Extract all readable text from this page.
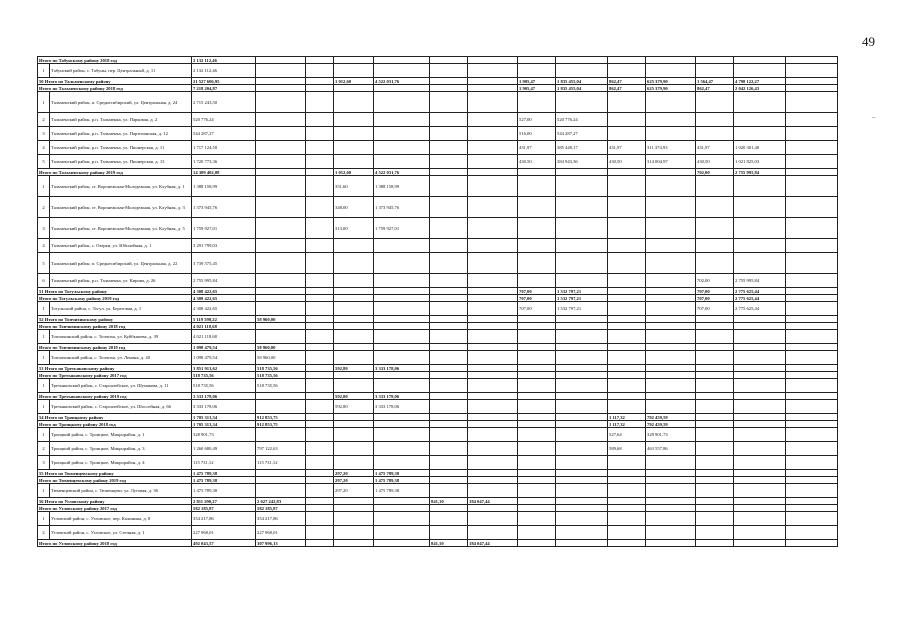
49
–
Итого по Табунскому району 2018 год		2 132 112,46														
1	Табунский район, с. Табуны, пер. Центральный, д. 11	2 132 112,46														
50 Итого по Тальменскому району		21 527 606,95			1 012,60	4 522 031,76			1 905,47	1 835 455,04	862,47	625 379,90	1 564,47	4 798 122,27		
Итого по Тальменскому району 2018 год		7 218 204,87							1 905,47	1 835 455,04	862,47	625 379,90	862,47	2 042 126,43		
1	Тальменский район, п. Среднесибирский, ул. Центральная, д. 24	2 715 243,50														
2	Тальменский район, р.п. Тальменка, ул. Парковая, д. 2	520 776,24							527,00	520 776,24						
3	Тальменский район, р.п. Тальменка, ул. Партизанская, д. 12	544 287,27							516,00	544 287,27						
4	Тальменский район, р.п. Тальменка, ул. Пионерская, д. 11	1 717 124,50							431,97	385 448,17	431,97	311 374,93	431,97	1 020 301,40		
5	Тальменский район, р.п. Тальменка, ул. Пионерская, д. 13	1 720 773,36							430,50	384 943,36	430,50	314 004,97	430,50	1 021 825,03		
Итого по Тальменскому району 2019 год		14 309 402,08			1 012,60	4 522 031,76							702,00	2 755 995,84		
1	Тальменский район, ст. Воронежская-Молодежная, ул. Клубная, д. 1	1 388 158,99			351,60	1 388 158,99										
2	Тальменский район, ст. Воронежская-Молодежная, ул. Клубная, д. 3	1 373 945,76			348,00	1 373 945,76										
3	Тальменский район, ст. Воронежская-Молодежная, ул. Клубная, д. 5	1 759 927,01			313,00	1 759 927,01										
4	Тальменский район, с. Озерки, ул. Юбилейная, д. 1	3 291 799,03														
5	Тальменский район, п. Среднесибирский, ул. Центральная, д. 22	3 739 575,45														
6	Тальменский район, р.п. Тальменка, ул. Кирова, д. 26	2 755 995,84											702,00	2 755 995,84		
51 Итого по Тогульскому району		4 308 422,65							707,00	1 532 797,21			707,00	2 775 625,44		
Итого по Тогульскому району 2019 год		4 308 422,65							707,00	1 532 797,21			707,00	2 775 625,44		
1	Тогульский район, с. Тогул, ул. Береговая, д. 1	4 308 422,65							707,00	1 532 797,21			707,00	2 775 625,44		
52 Итого по Топчихинскому району		5 119 598,22	58 960,00													
Итого по Топчихинскому району 2018 год		4 021 118,68														
1	Топчихинский район, с. Топчиха, ул. Куйбышева, д. 39	4 021 118,68														
Итого по Топчихинскому району 2019 год		1 098 479,54	58 960,00													
1	Топчихинский район, с. Топчиха, ул. Ленина, д. 40	1 098 479,54	58 960,00													
53 Итого по Третьяковскому району		3 851 913,62	518 735,56		592,80	3 333 178,06										
Итого по Третьяковскому району 2017 год		518 735,56	518 735,56													
1	Третьяковский район, с. Староалейское, ул. Шумакова, д. 11	518 735,56	518 735,56													
Итого по Третьяковскому району 2019 год		3 333 178,06			592,80	3 333 178,06										
1	Третьяковский район, с. Староалейское, ул. Шоссейная, д. 66	3 333 178,06			592,80	3 333 178,06										
54 Итого по Троицкому району		1 705 313,34	912 853,75								1 117,32	792 459,59				
Итого по Троицкому району 2018 год		1 705 313,34	912 853,75								1 117,32	792 459,59				
1	Троицкий район, с. Троицкое, Микрорайон, д. 1	328 901,73									527,64	328 901,73				
2	Троицкий район, с. Троицкое, Микрорайон, д. 3	1 260 680,49	797 122,63								589,68	463 557,86				
3	Троицкий район, с. Троицкое, Микрорайон, д. 4	115 731,12	115 731,12													
55 Итого по Тюменцевскому району		1 475 789,38			297,20	1 475 789,38										
Итого по Тюменцевскому району 2019 год		1 475 789,38			297,20	1 475 789,38										
1	Тюменцевский район, с. Тюменцево, ул. Луговая, д. 36	1 475 789,38			297,20	1 475 789,38										
56 Итого по Угловскому району		2 811 290,27	2 627 242,83				841,10	184 047,44								
Итого по Угловскому району 2017 год		582 185,87	582 185,87													
1	Угловский район, с. Угловское, пер. Калинина, д. 8	354 217,86	354 217,86													
2	Угловский район, с. Угловское, ул. Степная, д. 1	227 968,01	227 968,01													
Итого по Угловскому району 2018 год		492 043,57	307 996,13				841,10	184 047,44								
